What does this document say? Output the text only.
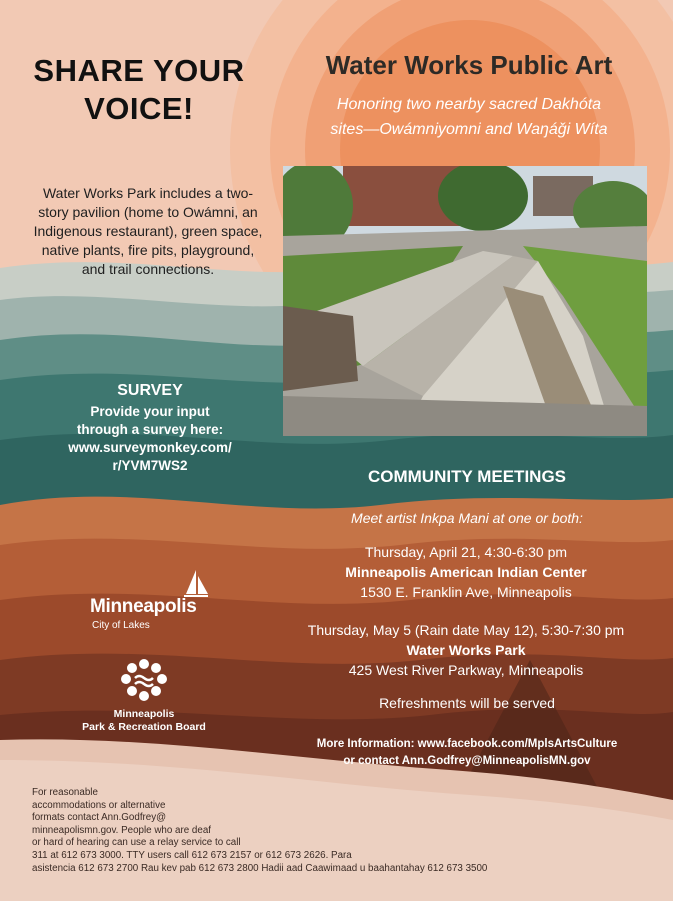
SHARE YOUR
VOICE!
Water Works Public Art
Honoring two nearby sacred Dakhóta
sites—Owámniyomni and Waŋáǧi Wíta
Water Works Park includes a two-story pavilion (home to Owámni, an Indigenous restaurant), green space, native plants, fire pits, playground, and trail connections.
SURVEY
Provide your input
through a survey here:
www.surveymonkey.com/
r/YVM7WS2
COMMUNITY MEETINGS
Meet artist Inkpa Mani at one or both:
Thursday, April 21, 4:30-6:30 pm
Minneapolis American Indian Center
1530 E. Franklin Ave, Minneapolis
Thursday, May 5 (Rain date May 12), 5:30-7:30 pm
Water Works Park
425 West River Parkway, Minneapolis
Refreshments will be served
More Information: www.facebook.com/MplsArtsCulture
or contact Ann.Godfrey@MinneapolisMN.gov
Minneapolis
City of Lakes
Minneapolis
Park & Recreation Board
For reasonable
accommodations or alternative
formats contact Ann.Godfrey@
minneapolismn.gov. People who are deaf
or hard of hearing can use a relay service to call
311 at 612 673 3000. TTY users call 612 673 2157 or 612 673 2626. Para
asistencia 612 673 2700 Rau kev pab 612 673 2800 Hadii aad Caawimaad u baahantahay 612 673 3500
